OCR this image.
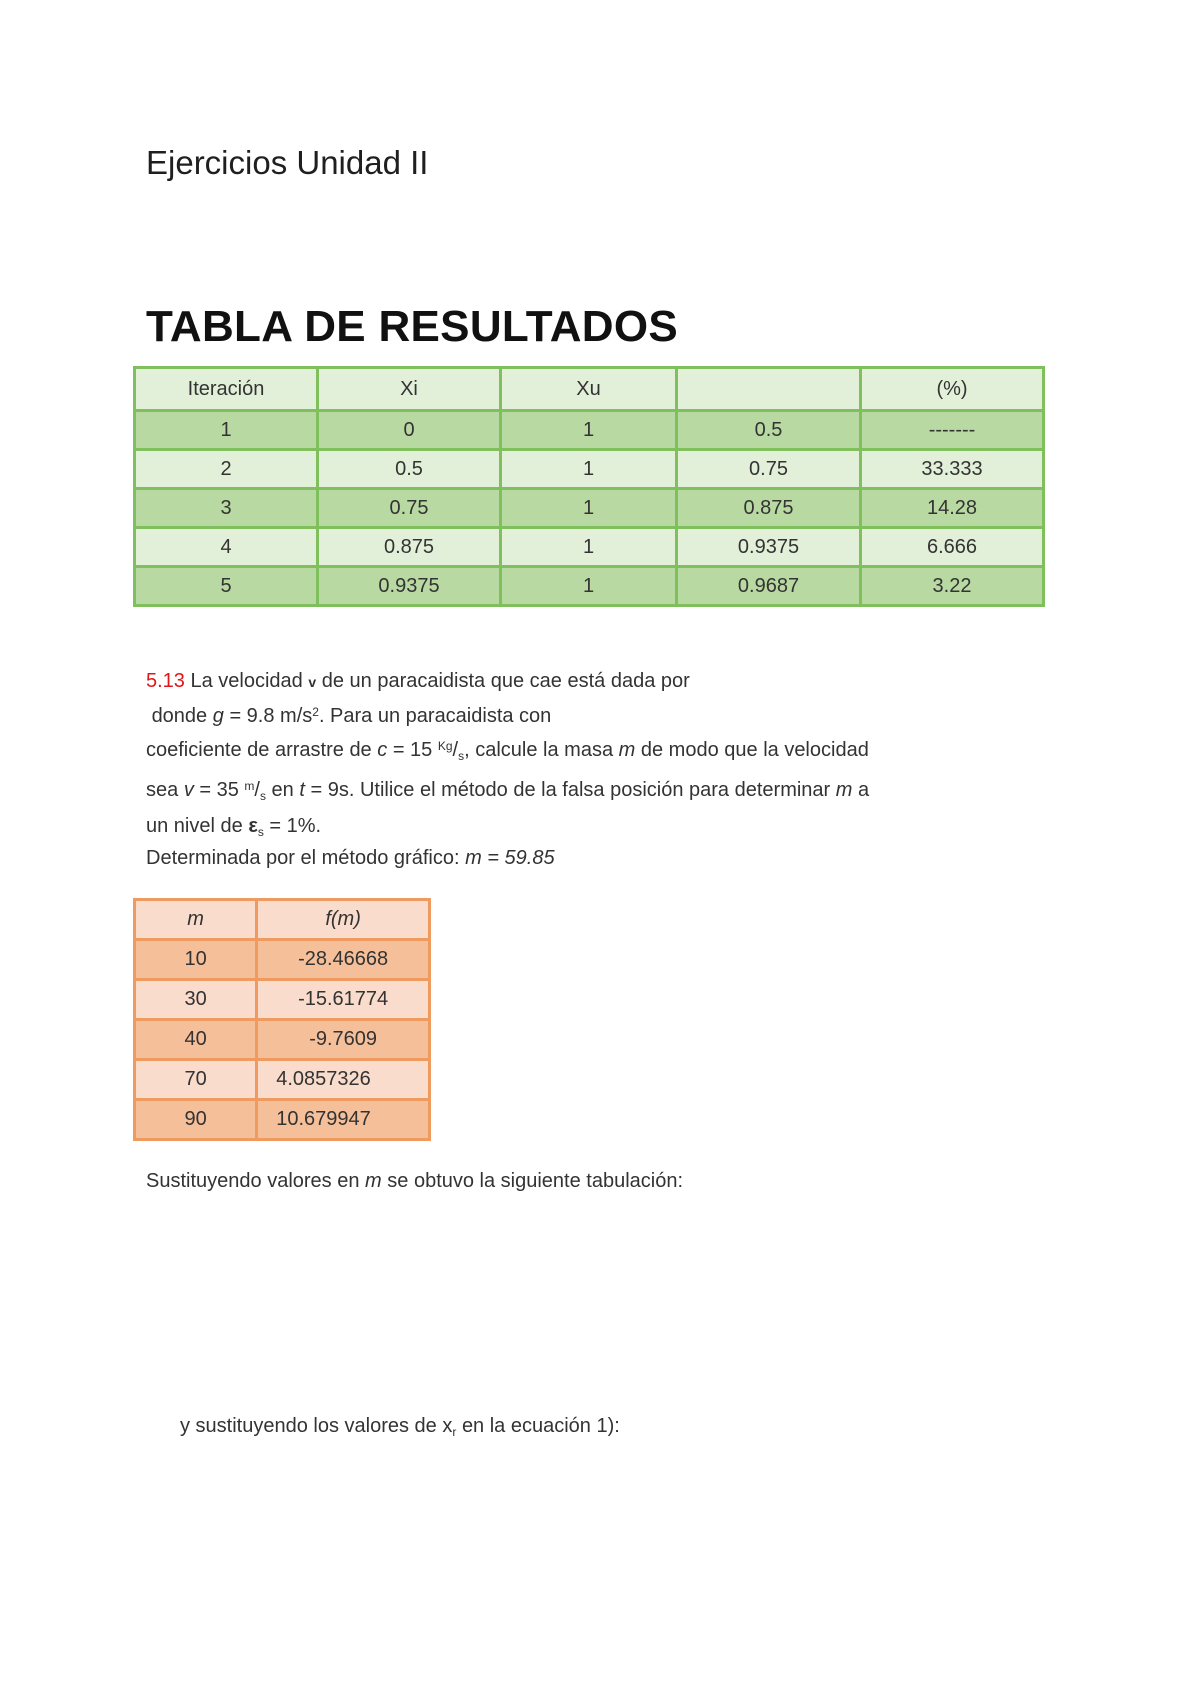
Ejercicios Unidad II
TABLA DE RESULTADOS
Iteración	Xi	Xu		(%)
1	0	1	0.5	-------
2	0.5	1	0.75	33.333
3	0.75	1	0.875	14.28
4	0.875	1	0.9375	6.666
5	0.9375	1	0.9687	3.22
5.13 La velocidad v de un paracaidista que cae está dada por
donde g = 9.8 $m/s^2$. Para un paracaidista con
coeficiente de arrastre de c = 15 $^{Kg}/_s$, calcule la masa m de modo que la velocidad
sea v = 35 $^m/_s$ en t = 9s. Utilice el método de la falsa posición para determinar m a
un nivel de $\varepsilon_s = 1\%$.
Determinada por el método gráfico: m = 59.85
m	f(m)
10	-28.46668
30	-15.61774
40	-9.7609
70	4.0857326
90	10.679947
Sustituyendo valores en m se obtuvo la siguiente tabulación:
y sustituyendo los valores de $x_r$ en la ecuación 1):
